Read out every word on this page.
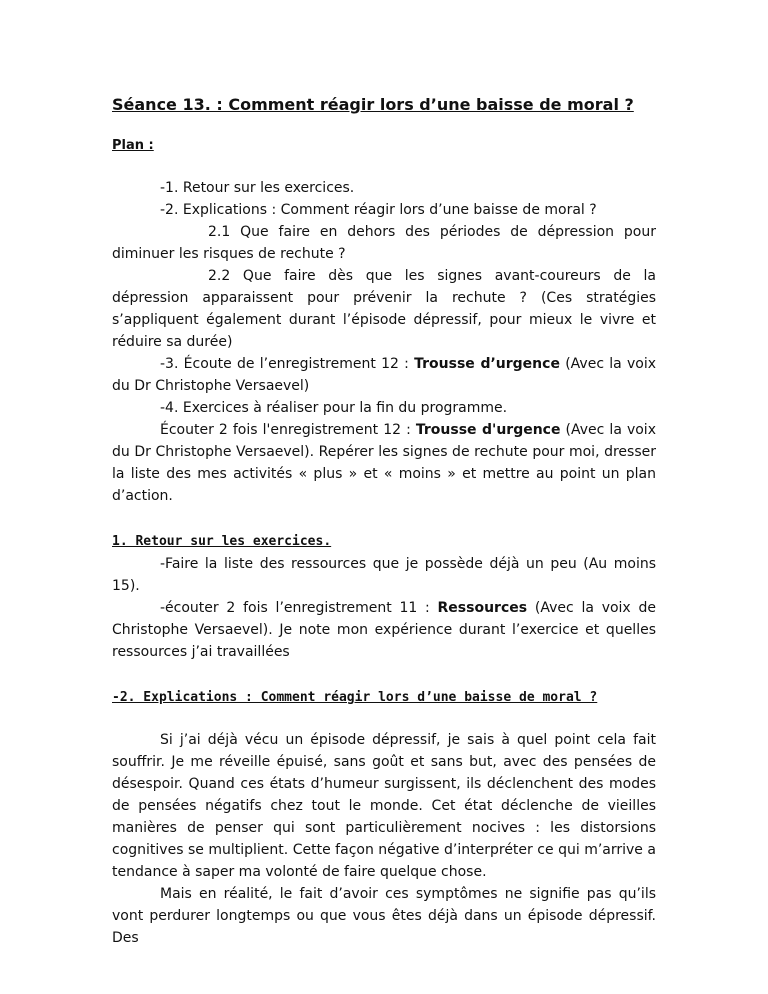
Séance 13. : Comment réagir lors d’une baisse de moral ?
Plan :

-1. Retour sur les exercices.

-2. Explications : Comment réagir lors d’une baisse de moral ?

2.1 Que faire en dehors des périodes de dépression pour diminuer les risques de rechute ?

2.2 Que faire dès que les signes avant-coureurs de la dépression apparaissent pour prévenir la rechute ? (Ces stratégies s’appliquent également durant l’épisode dépressif, pour mieux le vivre et réduire sa durée)

-3. Écoute de l’enregistrement 12 : Trousse d’urgence (Avec la voix du Dr Christophe Versaevel)

-4. Exercices à réaliser pour la fin du programme.

Écouter 2 fois l'enregistrement 12 : Trousse d'urgence (Avec la voix du Dr Christophe Versaevel). Repérer les signes de rechute pour moi, dresser la liste des mes activités « plus » et « moins » et mettre au point un plan d’action.

1. Retour sur les exercices.

-Faire la liste des ressources que je possède déjà un peu (Au moins 15).

-écouter 2 fois l’enregistrement 11 : Ressources (Avec la voix de Christophe Versaevel). Je note mon expérience durant l’exercice et quelles ressources j’ai travaillées

-2. Explications : Comment réagir lors d’une baisse de moral ?

Si j’ai déjà vécu un épisode dépressif, je sais à quel point cela fait souffrir. Je me réveille épuisé, sans goût et sans but, avec des pensées de désespoir. Quand ces états d’humeur surgissent, ils déclenchent des modes de pensées négatifs chez tout le monde. Cet état déclenche de vieilles manières de penser qui sont particulièrement nocives : les distorsions cognitives se multiplient. Cette façon négative d’interpréter ce qui m’arrive a tendance à saper ma volonté de faire quelque chose.

Mais en réalité, le fait d’avoir ces symptômes ne signifie pas qu’ils vont perdurer longtemps ou que vous êtes déjà dans un épisode dépressif. Des
